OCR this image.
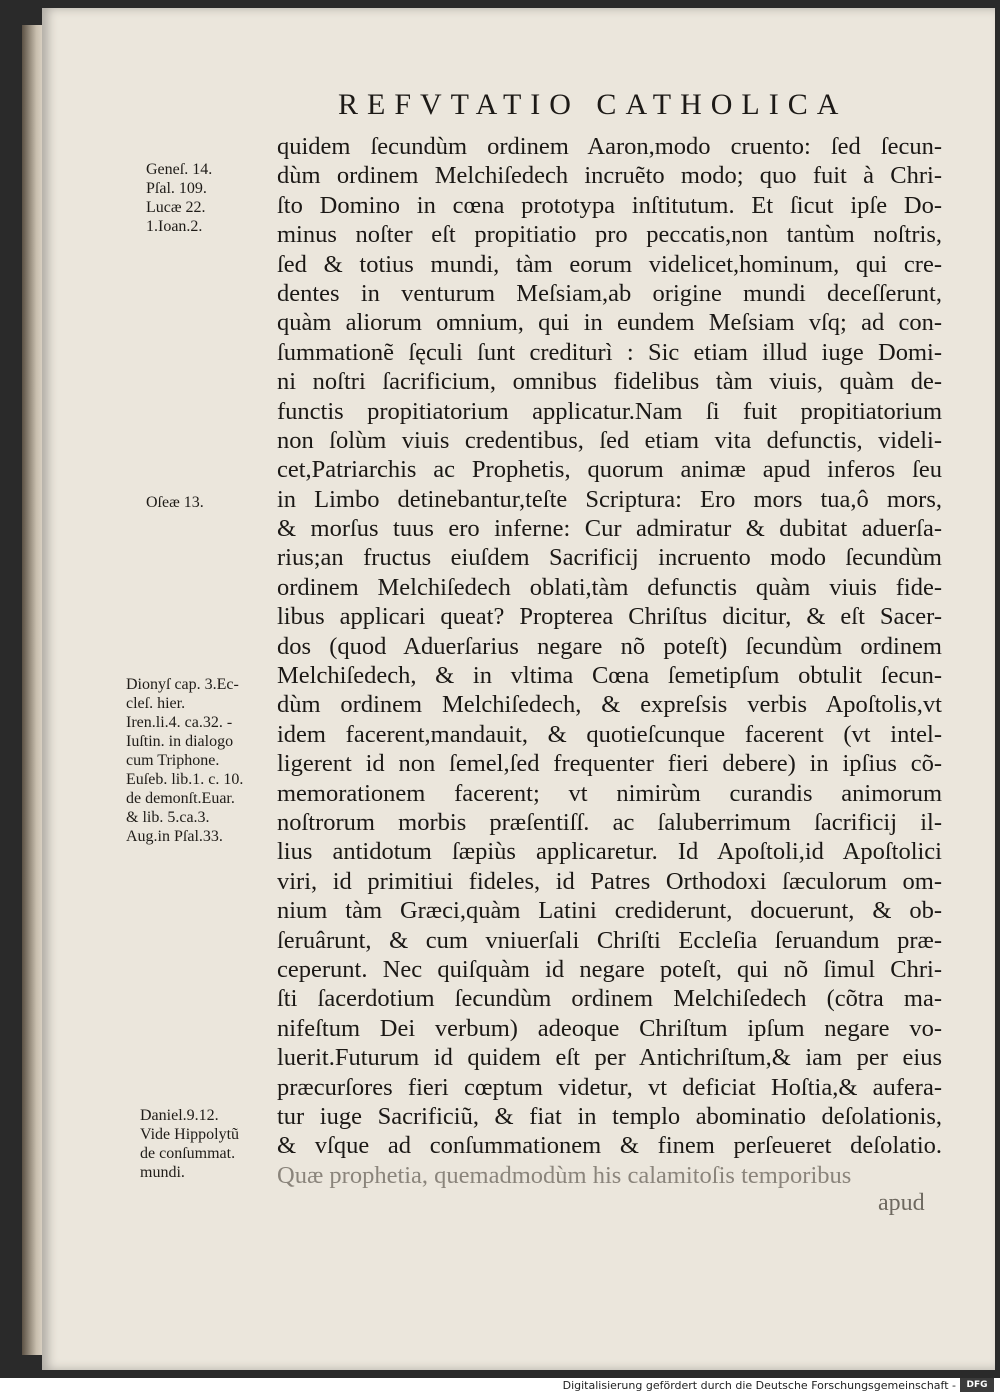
REFVTATIO CATHOLICA
quidem ſecundùm ordinem Aaron,modo cruento: ſed ſecun-
dùm ordinem Melchiſedech incruẽto modo; quo fuit à Chri-
ſto Domino in cœna prototypa inſtitutum. Et ſicut ipſe Do-
minus noſter eſt propitiatio pro peccatis,non tantùm noſtris,
ſed & totius mundi, tàm eorum videlicet,hominum, qui cre-
dentes in venturum Meſsiam,ab origine mundi deceſſerunt,
quàm aliorum omnium, qui in eundem Meſsiam vſq; ad con-
ſummationẽ ſęculi ſunt crediturì : Sic etiam illud iuge Domi-
ni noſtri ſacrificium, omnibus fidelibus tàm viuis, quàm de-
functis propitiatorium applicatur.Nam ſi fuit propitiatorium
non ſolùm viuis credentibus, ſed etiam vita defunctis, videli-
cet,Patriarchis ac Prophetis, quorum animæ apud inferos ſeu
in Limbo detinebantur,teſte Scriptura: Ero mors tua,ô mors,
& morſus tuus ero inferne: Cur admiratur & dubitat aduerſa-
rius;an fructus eiuſdem Sacrificij incruento modo ſecundùm
ordinem Melchiſedech oblati,tàm defunctis quàm viuis fide-
libus applicari queat? Propterea Chriſtus dicitur, & eſt Sacer-
dos (quod Aduerſarius negare nõ poteſt) ſecundùm ordinem
Melchiſedech, & in vltima Cœna ſemetipſum obtulit ſecun-
dùm ordinem Melchiſedech, & expreſsis verbis Apoſtolis,vt
idem facerent,mandauit, & quotieſcunque facerent (vt intel-
ligerent id non ſemel,ſed frequenter fieri debere) in ipſius cõ-
memorationem facerent; vt nimirùm curandis animorum
noſtrorum morbis præſentiſſ. ac ſaluberrimum ſacrificij il-
lius antidotum ſæpiùs applicaretur. Id Apoſtoli,id Apoſtolici
viri, id primitiui fideles, id Patres Orthodoxi ſæculorum om-
nium tàm Græci,quàm Latini crediderunt, docuerunt, & ob-
ſeruârunt, & cum vniuerſali Chriſti Eccleſia ſeruandum præ-
ceperunt. Nec quiſquàm id negare poteſt, qui nõ ſimul Chri-
ſti ſacerdotium ſecundùm ordinem Melchiſedech (cõtra ma-
nifeſtum Dei verbum) adeoque Chriſtum ipſum negare vo-
luerit.Futurum id quidem eſt per Antichriſtum,& iam per eius
præcurſores fieri cœptum videtur, vt deficiat Hoſtia,& aufera-
tur iuge Sacrificiũ, & fiat in templo abominatio deſolationis,
& vſque ad conſummationem & finem perſeueret deſolatio.
Quæ prophetia, quemadmodùm his calamitoſis temporibus
apud
Geneſ. 14.
Pſal. 109.
Lucæ 22.
1.Ioan.2.
Oſeæ 13.
Dionyſ cap. 3.Ec-
cleſ. hier.
Iren.li.4. ca.32. -
Iuſtin. in dialogo
cum Triphone.
Euſeb. lib.1. c. 10.
de demonſt.Euar.
& lib. 5.ca.3.
Aug.in Pſal.33.
Daniel.9.12.
Vide Hippolytũ
de conſummat.
mundi.
Digitalisierung gefördert durch die Deutsche Forschungsgemeinschaft -	DFG
